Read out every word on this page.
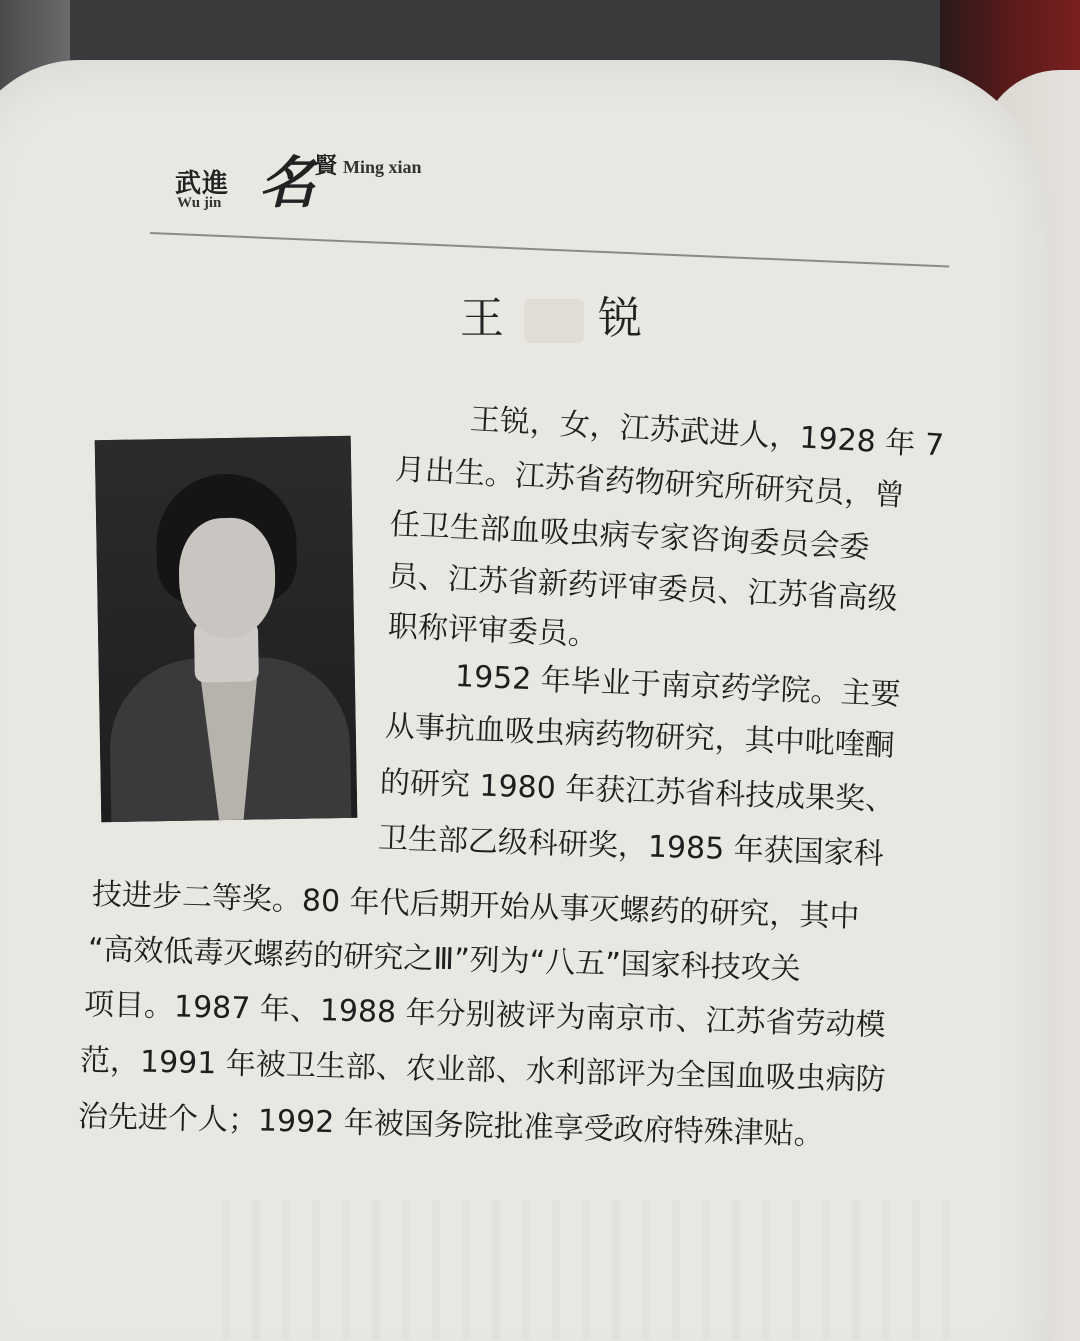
武進 名 賢
Wu jin
Ming xian
王 锐
王锐，女，江苏武进人，1928 年 7
月出生。江苏省药物研究所研究员，曾
任卫生部血吸虫病专家咨询委员会委
员、江苏省新药评审委员、江苏省高级
职称评审委员。
1952 年毕业于南京药学院。主要
从事抗血吸虫病药物研究，其中吡喹酮
的研究 1980 年获江苏省科技成果奖、
卫生部乙级科研奖，1985 年获国家科
技进步二等奖。80 年代后期开始从事灭螺药的研究，其中
“高效低毒灭螺药的研究之Ⅲ”列为“八五”国家科技攻关
项目。1987 年、1988 年分别被评为南京市、江苏省劳动模
范，1991 年被卫生部、农业部、水利部评为全国血吸虫病防
治先进个人；1992 年被国务院批准享受政府特殊津贴。
